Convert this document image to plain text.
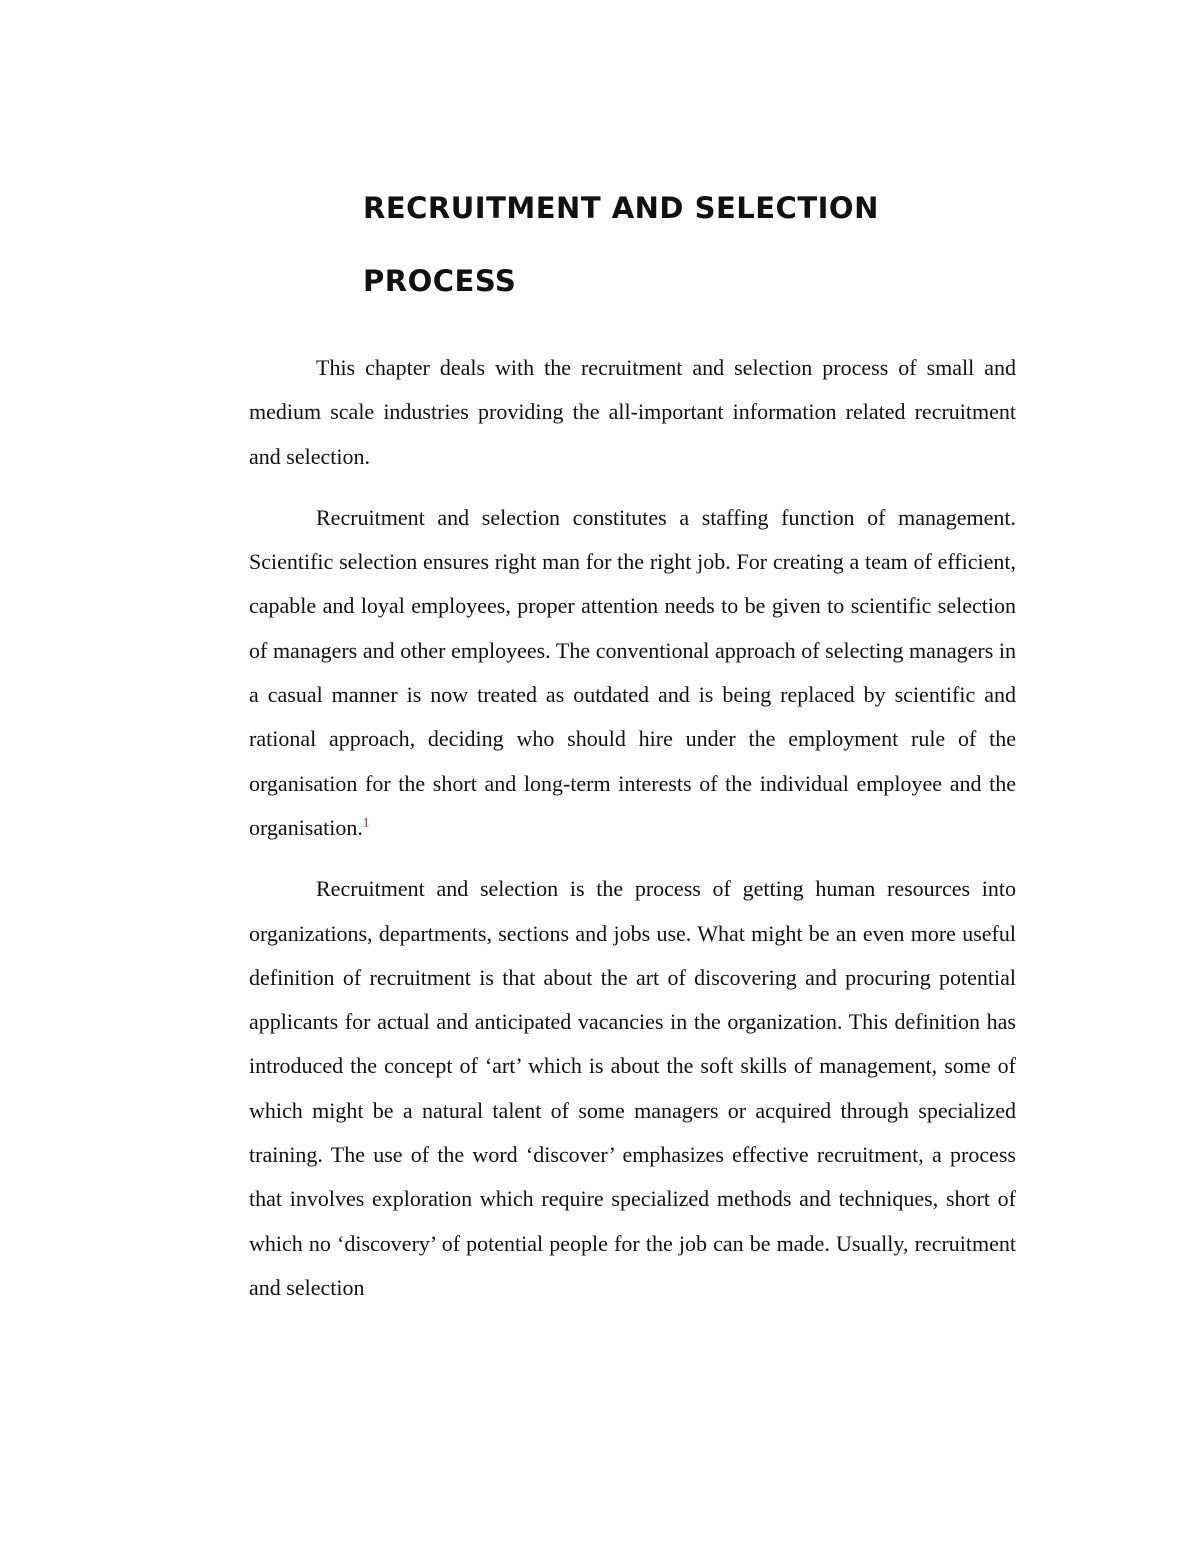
RECRUITMENT AND SELECTION
PROCESS

This chapter deals with the recruitment and selection process of small and medium scale industries providing the all-important information related recruitment and selection.

Recruitment and selection constitutes a staffing function of management. Scientific selection ensures right man for the right job. For creating a team of efficient, capable and loyal employees, proper attention needs to be given to scientific selection of managers and other employees. The conventional approach of selecting managers in a casual manner is now treated as outdated and is being replaced by scientific and rational approach, deciding who should hire under the employment rule of the organisation for the short and long-term interests of the individual employee and the organisation.$^1$

Recruitment and selection is the process of getting human resources into organizations, departments, sections and jobs use. What might be an even more useful definition of recruitment is that about the art of discovering and procuring potential applicants for actual and anticipated vacancies in the organization. This definition has introduced the concept of ‘art’ which is about the soft skills of management, some of which might be a natural talent of some managers or acquired through specialized training. The use of the word ‘discover’ emphasizes effective recruitment, a process that involves exploration which require specialized methods and techniques, short of which no ‘discovery’ of potential people for the job can be made. Usually, recruitment and selection
